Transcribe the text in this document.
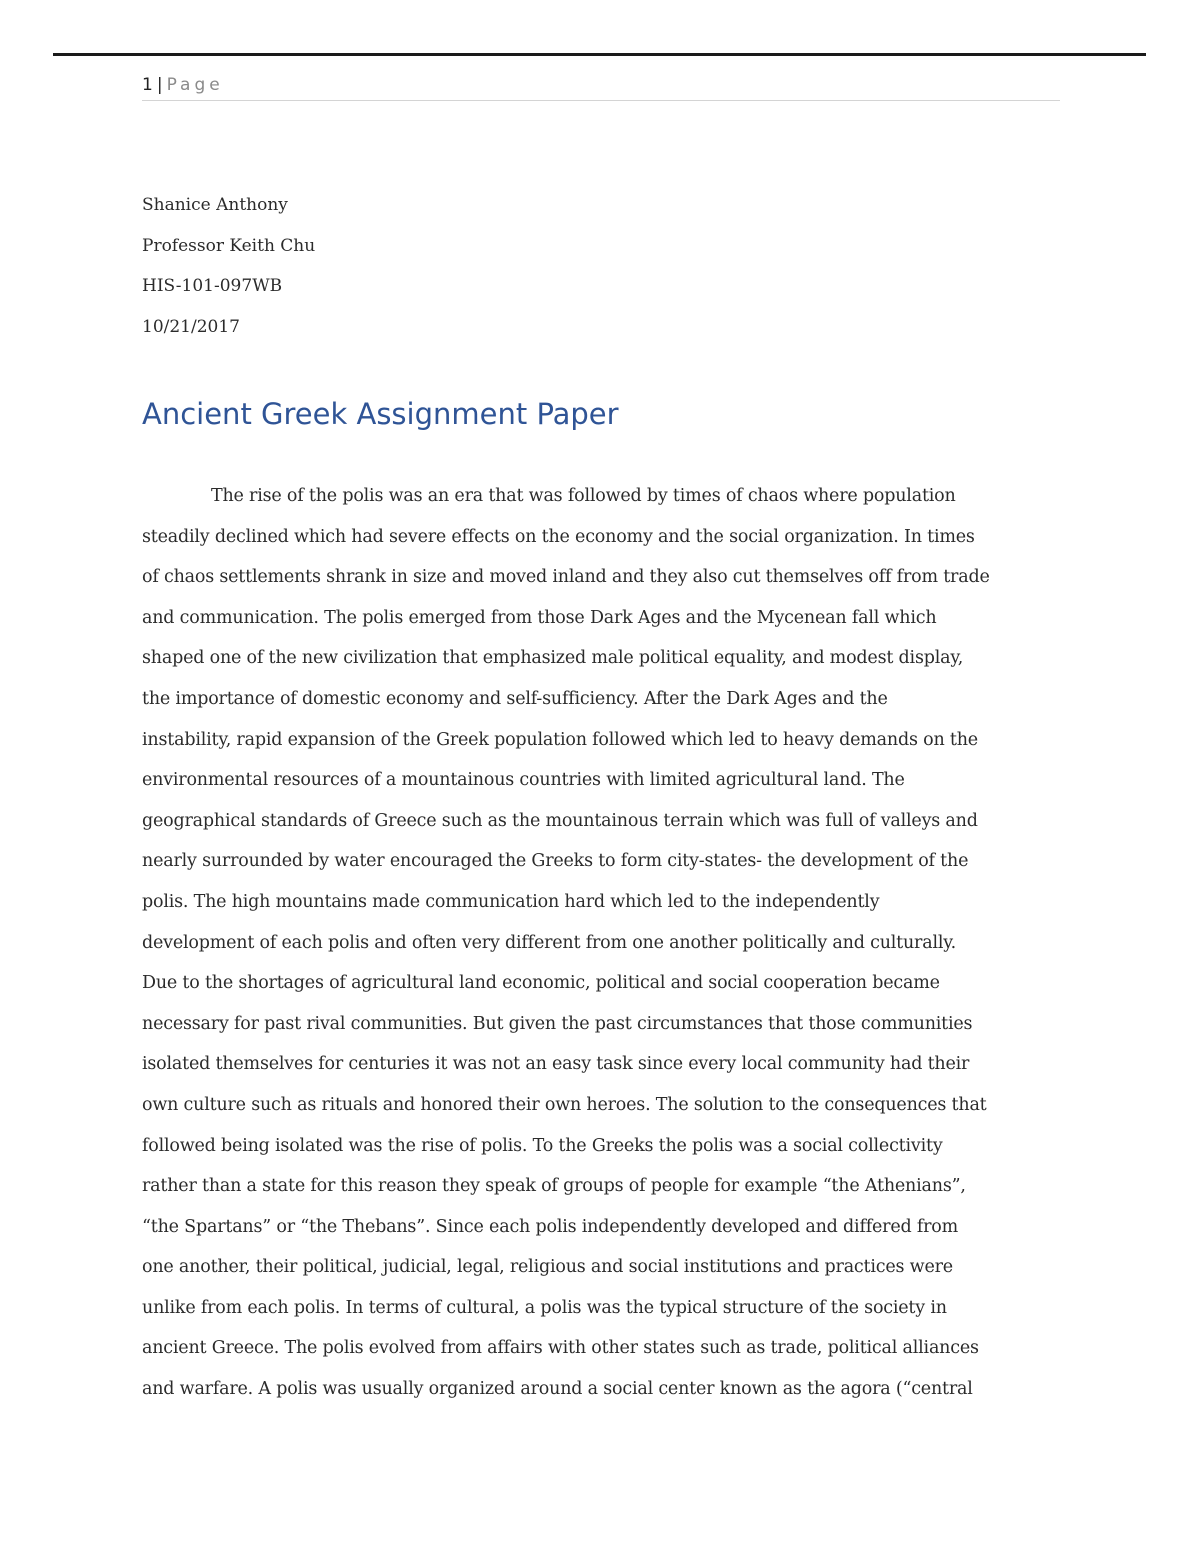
1 | Page
Shanice Anthony
Professor Keith Chu
HIS-101-097WB
10/21/2017
Ancient Greek Assignment Paper
The rise of the polis was an era that was followed by times of chaos where population
steadily declined which had severe effects on the economy and the social organization. In times
of chaos settlements shrank in size and moved inland and they also cut themselves off from trade
and communication. The polis emerged from those Dark Ages and the Mycenean fall which
shaped one of the new civilization that emphasized male political equality, and modest display,
the importance of domestic economy and self-sufficiency. After the Dark Ages and the
instability, rapid expansion of the Greek population followed which led to heavy demands on the
environmental resources of a mountainous countries with limited agricultural land. The
geographical standards of Greece such as the mountainous terrain which was full of valleys and
nearly surrounded by water encouraged the Greeks to form city-states- the development of the
polis. The high mountains made communication hard which led to the independently
development of each polis and often very different from one another politically and culturally.
Due to the shortages of agricultural land economic, political and social cooperation became
necessary for past rival communities. But given the past circumstances that those communities
isolated themselves for centuries it was not an easy task since every local community had their
own culture such as rituals and honored their own heroes. The solution to the consequences that
followed being isolated was the rise of polis. To the Greeks the polis was a social collectivity
rather than a state for this reason they speak of groups of people for example “the Athenians”,
“the Spartans” or “the Thebans”. Since each polis independently developed and differed from
one another, their political, judicial, legal, religious and social institutions and practices were
unlike from each polis. In terms of cultural, a polis was the typical structure of the society in
ancient Greece. The polis evolved from affairs with other states such as trade, political alliances
and warfare. A polis was usually organized around a social center known as the agora (“central
